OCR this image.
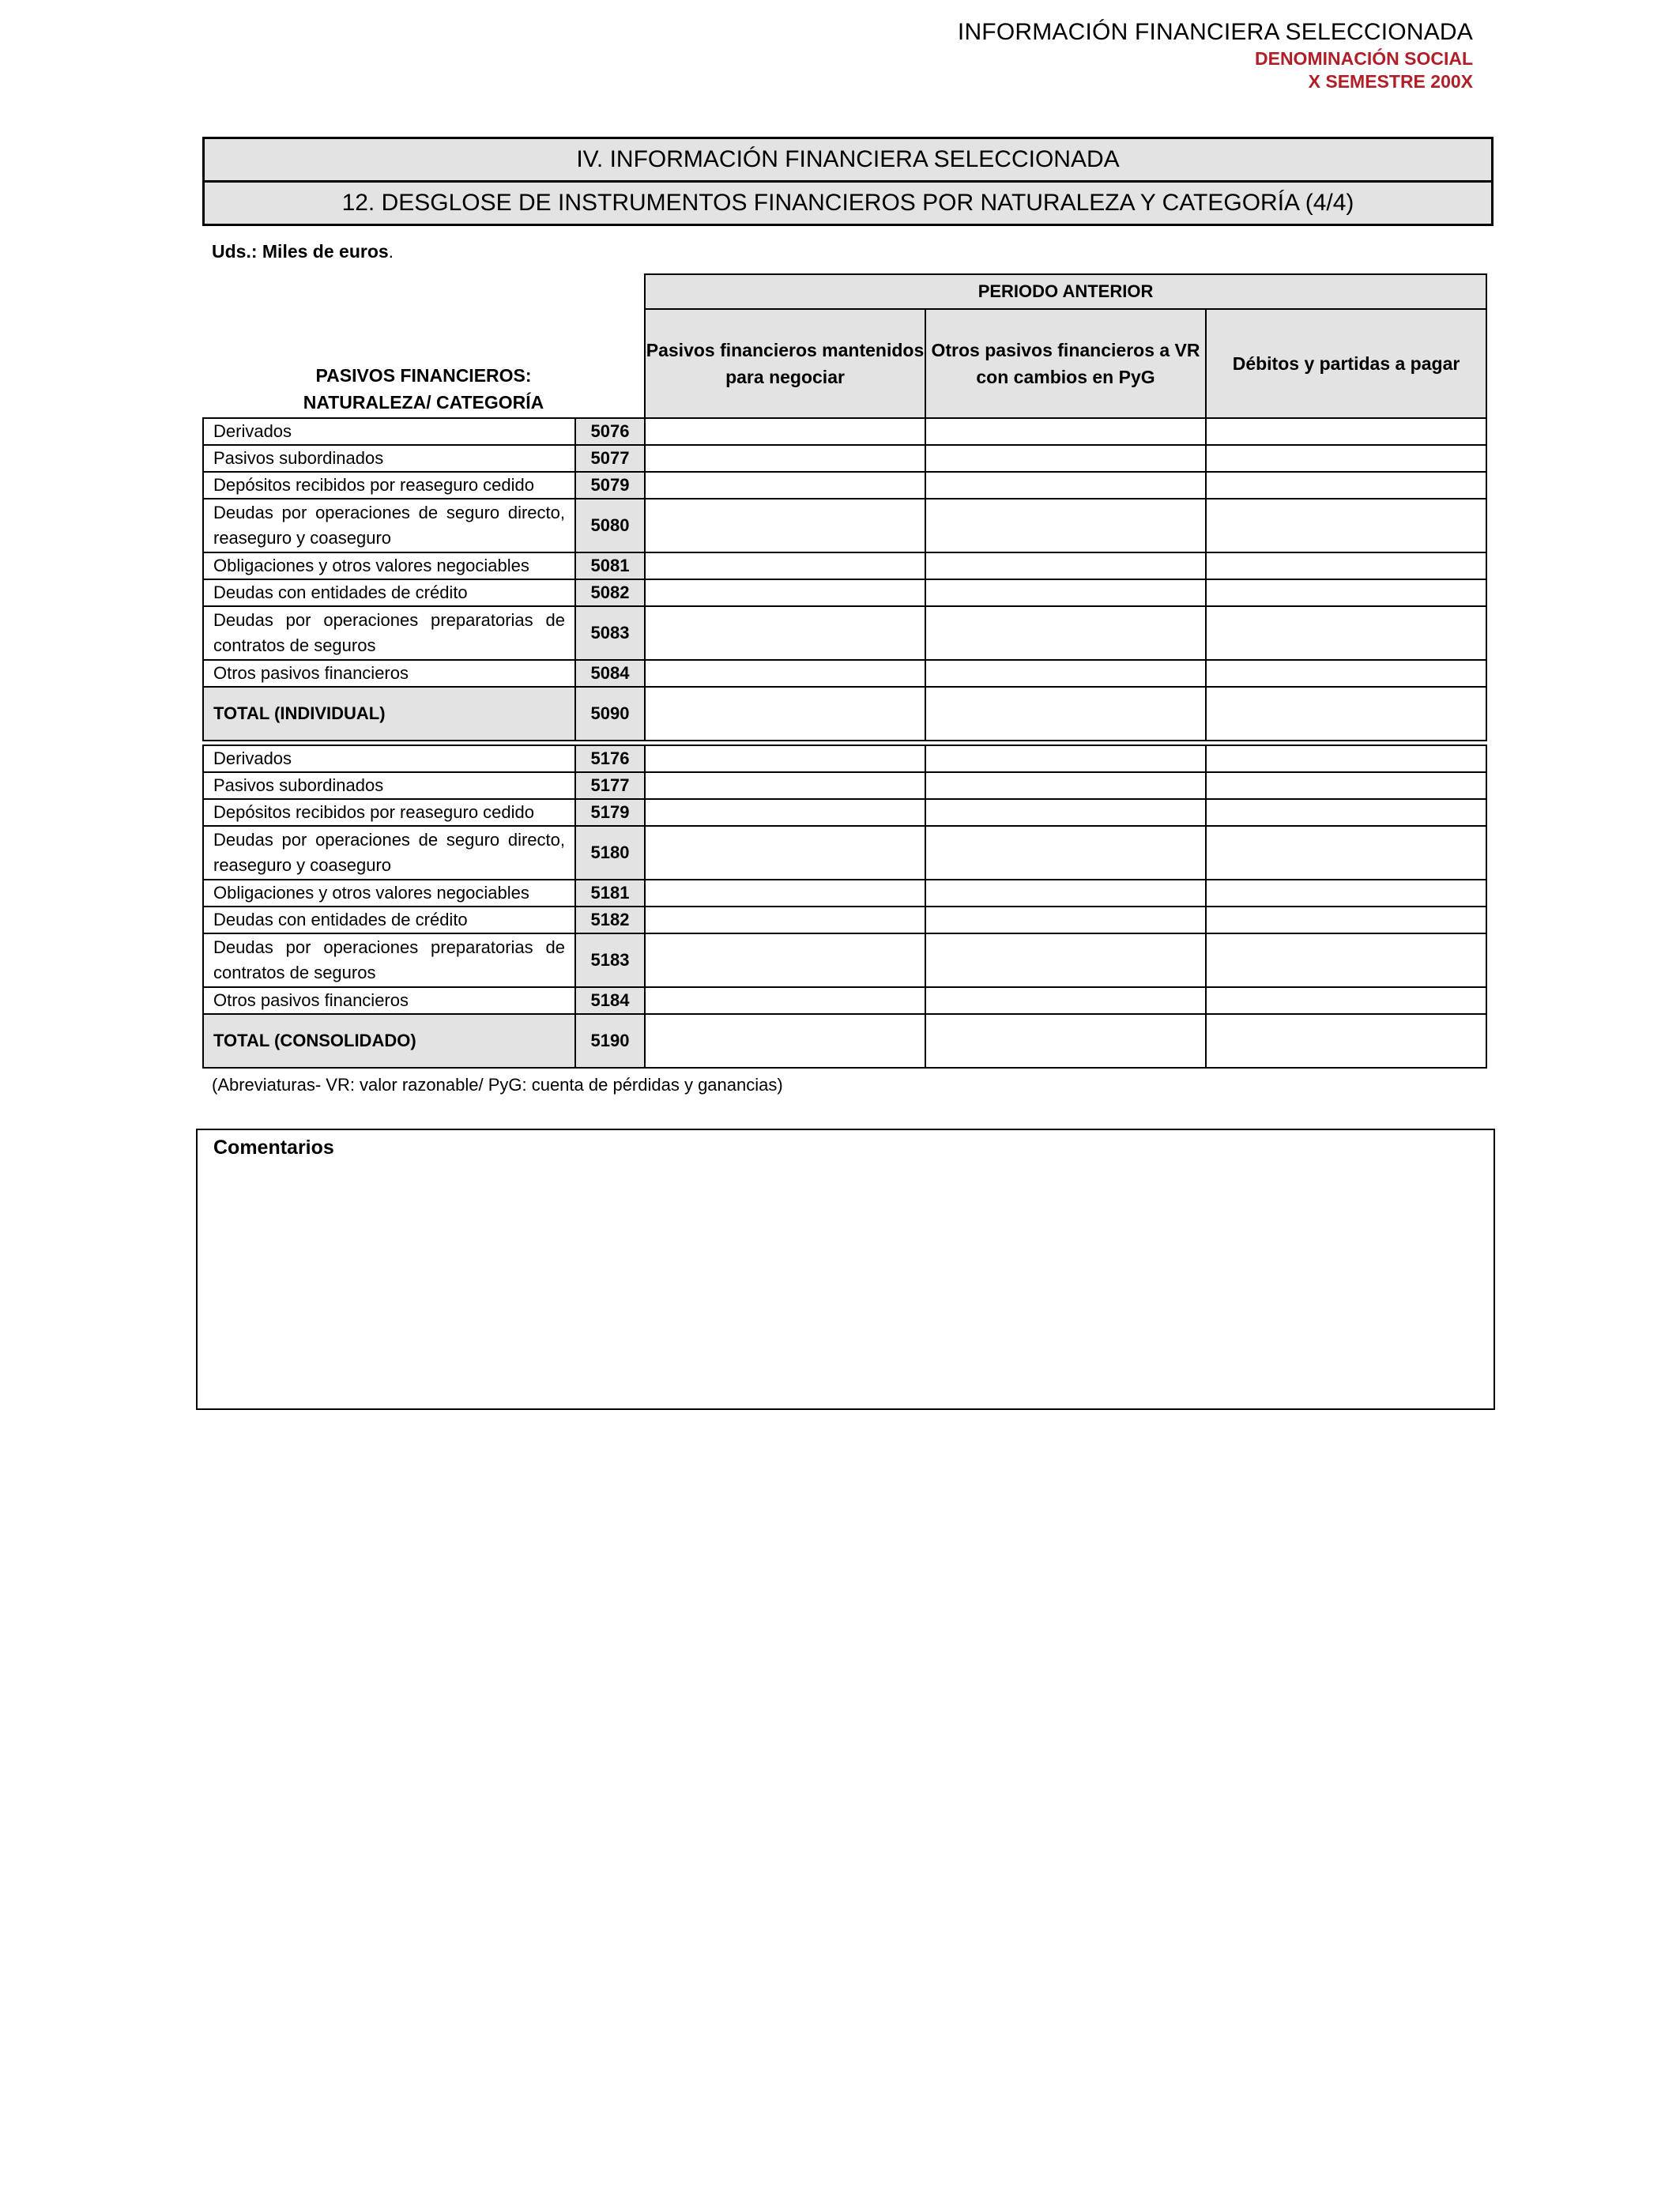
INFORMACIÓN FINANCIERA SELECCIONADA
DENOMINACIÓN SOCIAL
X SEMESTRE 200X
IV. INFORMACIÓN FINANCIERA SELECCIONADA
12. DESGLOSE DE INSTRUMENTOS FINANCIEROS POR NATURALEZA Y CATEGORÍA (4/4)
Uds.: Miles de euros.
PASIVOS FINANCIEROS:
NATURALEZA/ CATEGORÍA		PERIODO ANTERIOR		
		Pasivos financieros mantenidos para negociar	Otros pasivos financieros a VR con cambios en PyG	Débitos y partidas a pagar
Derivados	5076			
Pasivos subordinados	5077			
Depósitos recibidos por reaseguro cedido	5079			
Deudas por operaciones de seguro directo, reaseguro y coaseguro	5080			
Obligaciones y otros valores negociables	5081			
Deudas con entidades de crédito	5082			
Deudas por operaciones preparatorias de contratos de seguros	5083			
Otros pasivos financieros	5084			
TOTAL (INDIVIDUAL)	5090			
Derivados	5176			
Pasivos subordinados	5177			
Depósitos recibidos por reaseguro cedido	5179			
Deudas por operaciones de seguro directo, reaseguro y coaseguro	5180			
Obligaciones y otros valores negociables	5181			
Deudas con entidades de crédito	5182			
Deudas por operaciones preparatorias de contratos de seguros	5183			
Otros pasivos financieros	5184			
TOTAL (CONSOLIDADO)	5190			
(Abreviaturas- VR: valor razonable/ PyG: cuenta de pérdidas y ganancias)
Comentarios
